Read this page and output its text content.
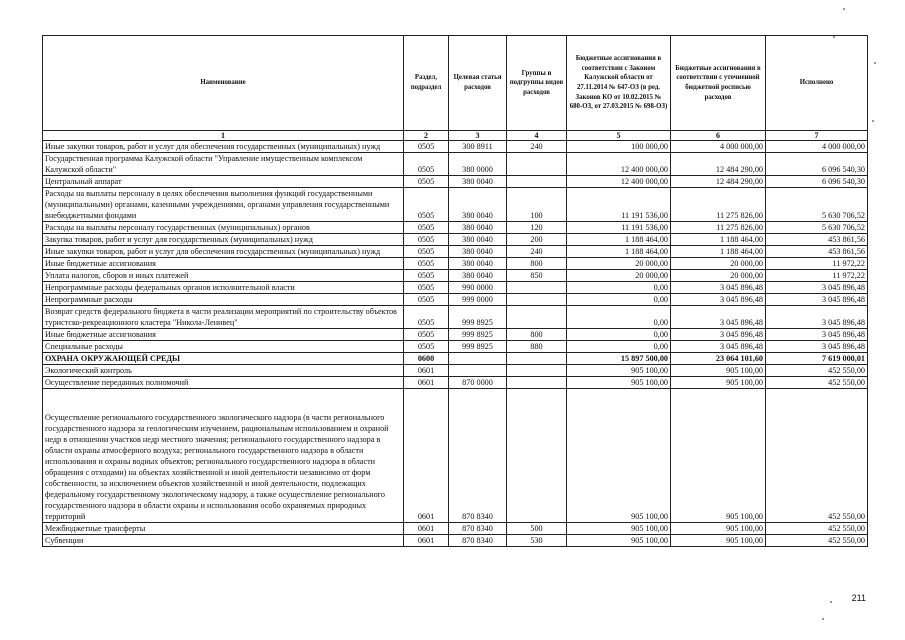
Наименование	Раздел, подраздел	Целевая статья расходов	Группы и подгруппы видов расходов	Бюджетные ассигнования в соответствии с Законом Калужской области от 27.11.2014 № 647-ОЗ (в ред. Законов КО от 10.02.2015 № 680-ОЗ, от 27.03.2015 № 698-ОЗ)	Бюджетные ассигнования в соответствии с уточненной бюджетной росписью расходов	Исполнено
1	2	3	4	5	6	7
Иные закупки товаров, работ и услуг для обеспечения государственных (муниципальных) нужд	0505	300 8911	240	100 000,00	4 000 000,00	4 000 000,00
Государственная программа Калужской области "Управление имущественным комплексом Калужской области"	0505	380 0000		12 400 000,00	12 484 290,00	6 096 540,30
Центральный аппарат	0505	380 0040		12 400 000,00	12 484 290,00	6 096 540,30
Расходы на выплаты персоналу в целях обеспечения выполнения функций государственными (муниципальными) органами, казенными учреждениями, органами управления государственными внебюджетными фондами	0505	380 0040	100	11 191 536,00	11 275 826,00	5 630 706,52
Расходы на выплаты персоналу государственных (муниципальных) органов	0505	380 0040	120	11 191 536,00	11 275 826,00	5 630 706,52
Закупка товаров, работ и услуг для государственных (муниципальных) нужд	0505	380 0040	200	1 188 464,00	1 188 464,00	453 861,56
Иные закупки товаров, работ и услуг для обеспечения государственных (муниципальных) нужд	0505	380 0040	240	1 188 464,00	1 188 464,00	453 861,56
Иные бюджетные ассигнования	0505	380 0040	800	20 000,00	20 000,00	11 972,22
Уплата налогов, сборов и иных платежей	0505	380 0040	850	20 000,00	20 000,00	11 972,22
Непрограммные расходы федеральных органов исполнительной власти	0505	990 0000		0,00	3 045 896,48	3 045 896,48
Непрограммные расходы	0505	999 0000		0,00	3 045 896,48	3 045 896,48
Возврат средств федерального бюджета в части реализации мероприятий по строительству объектов туристско-рекреационного кластера "Никола-Ленивец"	0505	999 8925		0,00	3 045 896,48	3 045 896,48
Иные бюджетные ассигнования	0505	999 8925	800	0,00	3 045 896,48	3 045 896,48
Специальные расходы	0505	999 8925	880	0,00	3 045 896,48	3 045 896,48
ОХРАНА ОКРУЖАЮЩЕЙ СРЕДЫ	0600			15 897 500,00	23 064 101,60	7 619 000,01
Экологический контроль	0601			905 100,00	905 100,00	452 550,00
Осуществление переданных полномочий	0601	870 0000		905 100,00	905 100,00	452 550,00
Осуществление регионального государственного экологического надзора (в части регионального государственного надзора за геологическим изучением, рациональным использованием и охраной недр в отношении участков недр местного значения; регионального государственного надзора в области охраны атмосферного воздуха; регионального государственного надзора в области использования и охраны водных объектов; регионального государственного надзора в области обращения с отходами) на объектах хозяйственной и иной деятельности независимо от форм собственности, за исключением объектов хозяйственной и иной деятельности, подлежащих федеральному государственному экологическому надзору, а также осуществление регионального государственного надзора в области охраны и использования особо охраняемых природных территорий	0601	870 8340		905 100,00	905 100,00	452 550,00
Межбюджетные трансферты	0601	870 8340	500	905 100,00	905 100,00	452 550,00
Субвенции	0601	870 8340	530	905 100,00	905 100,00	452 550,00
211
